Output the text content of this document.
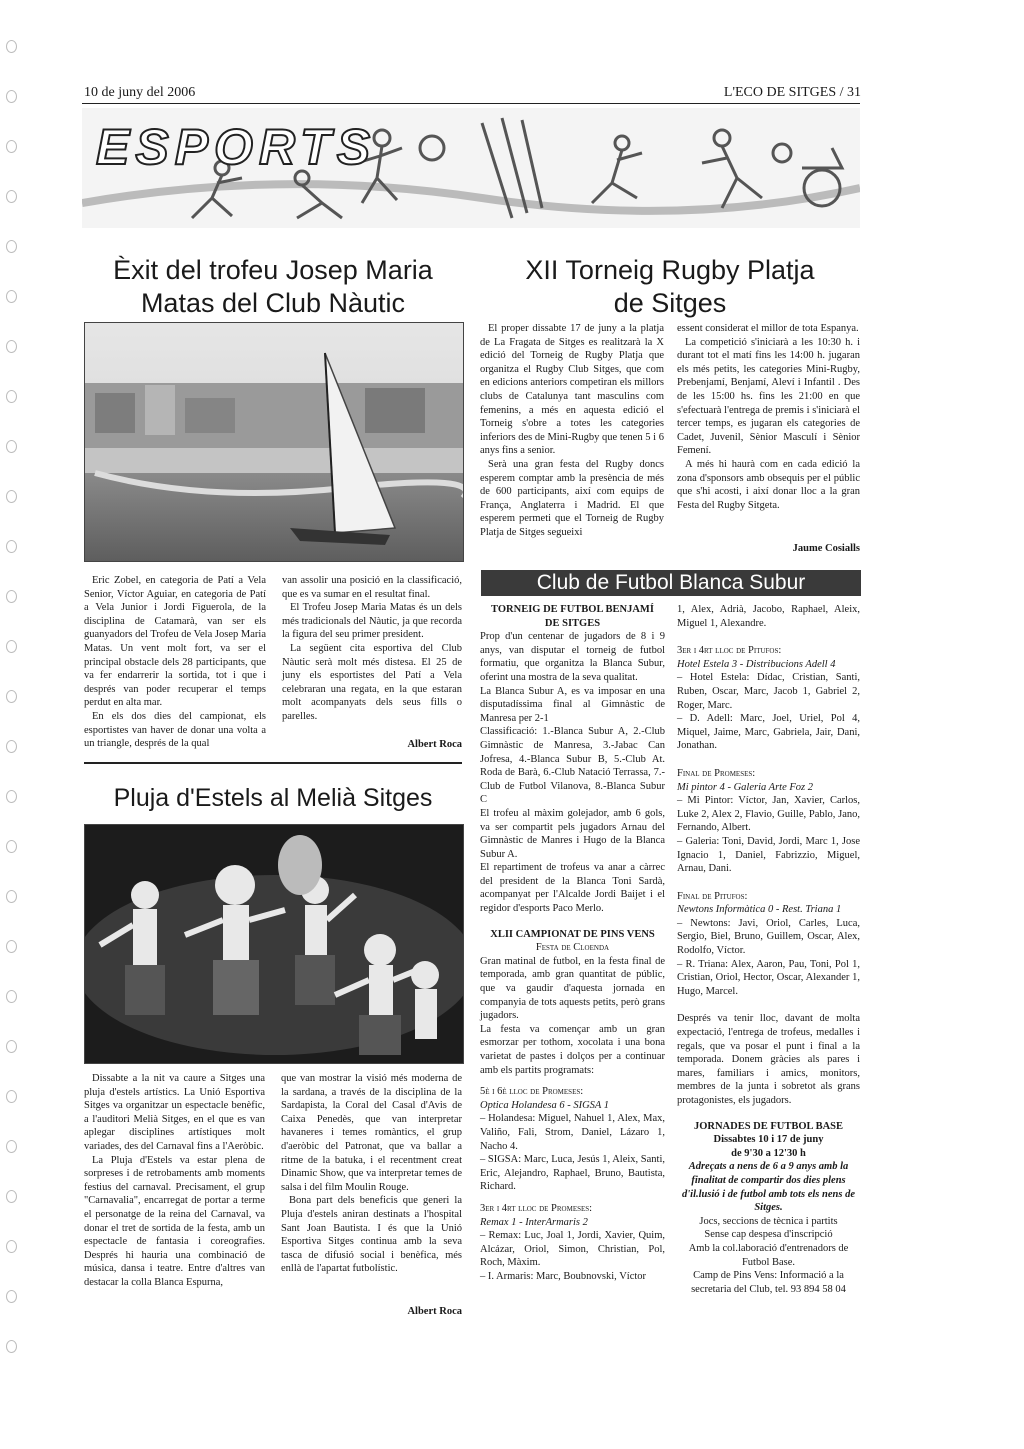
10 de juny del 2006	L'ECO DE SITGES / 31
ESPORTS
Èxit del trofeu Josep Maria
Matas del Club Nàutic

Eric Zobel, en categoria de Patí a Vela Senior, Víctor Aguiar, en categoria de Patí a Vela Junior i Jordi Figuerola, de la disciplina de Catamarà, van ser els guanyadors del Trofeu de Vela Josep Maria Matas. Un vent molt fort, va ser el principal obstacle dels 28 participants, que va fer endarrerir la sortida, tot i que i després van poder recuperar el temps perdut en alta mar.

En els dos dies del campionat, els esportistes van haver de donar una volta a un triangle, després de la qual

van assolir una posició en la classificació, que es va sumar en el resultat final.

El Trofeu Josep Maria Matas és un dels més tradicionals del Nàutic, ja que recorda la figura del seu primer president.

La següent cita esportiva del Club Nàutic serà molt més distesa. El 25 de juny els esportistes del Patí a Vela celebraran una regata, en la que estaran molt acompanyats dels seus fills o parelles.

Albert Roca
XII Torneig Rugby Platja
de Sitges

El proper dissabte 17 de juny a la platja de La Fragata de Sitges es realitzarà la X edició del Torneig de Rugby Platja que organitza el Rugby Club Sitges, que com en edicions anteriors competiran els millors clubs de Catalunya tant masculins com femenins, a més en aquesta edició el Torneig s'obre a totes les categories inferiors des de Mini-Rugby que tenen 5 i 6 anys fins a senior.

Serà una gran festa del Rugby doncs esperem comptar amb la presència de més de 600 participants, així com equips de França, Anglaterra i Madrid. El que esperem permeti que el Torneig de Rugby Platja de Sitges segueixi

essent considerat el millor de tota Espanya.

La competició s'iniciarà a les 10:30 h. i durant tot el matí fins les 14:00 h. jugaran els més petits, les categories Mini-Rugby, Prebenjamí, Benjamí, Aleví i Infantil . Des de les 15:00 hs. fins les 21:00 en que s'efectuarà l'entrega de premis i s'iniciarà el tercer temps, es jugaran els categories de Cadet, Juvenil, Sènior Masculí i Sènior Femení.

A més hi haurà com en cada edició la zona d'sponsors amb obsequis per el públic que s'hi acosti, i així donar lloc a la gran Festa del Rugby Sitgeta.

Jaume Cosialls
Pluja d'Estels al Melià Sitges

Dissabte a la nit va caure a Sitges una pluja d'estels artístics. La Unió Esportiva Sitges va organitzar un espectacle benèfic, a l'auditori Melià Sitges, en el que es van aplegar disciplines artístiques molt variades, des del Carnaval fins a l'Aeròbic.

La Pluja d'Estels va estar plena de sorpreses i de retrobaments amb moments festius del carnaval. Precisament, el grup "Carnavalia", encarregat de portar a terme el personatge de la reina del Carnaval, va donar el tret de sortida de la festa, amb un espectacle de fantasia i coreografies. Després hi hauria una combinació de música, dansa i teatre. Entre d'altres van destacar la colla Blanca Espurna,

que van mostrar la visió més moderna de la sardana, a través de la disciplina de la Sardapista, la Coral del Casal d'Avis de Caixa Penedès, que van interpretar havaneres i temes romàntics, el grup d'aeròbic del Patronat, que va ballar a ritme de la batuka, i el recentment creat Dinamic Show, que va interpretar temes de salsa i del film Moulin Rouge.

Bona part dels beneficis que generi la Pluja d'estels aniran destinats a l'hospital Sant Joan Bautista. I és que la Unió Esportiva Sitges continua amb la seva tasca de difusió social i benèfica, més enllà de l'apartat futbolístic.

Albert Roca
Club de Futbol Blanca Subur
TORNEIG DE FUTBOL BENJAMÍ
DE SITGES

Prop d'un centenar de jugadors de 8 i 9 anys, van disputar el torneig de futbol formatiu, que organitza la Blanca Subur, oferint una mostra de la seva qualitat.

La Blanca Subur A, es va imposar en una disputadíssima final al Gimnàstic de Manresa per 2-1

Classificació: 1.-Blanca Subur A, 2.-Club Gimnàstic de Manresa, 3.-Jabac Can Jofresa, 4.-Blanca Subur B, 5.-Club At. Roda de Barà, 6.-Club Natació Terrassa, 7.-Club de Futbol Vilanova, 8.-Blanca Subur C

El trofeu al màxim golejador, amb 6 gols, va ser compartit pels jugadors Arnau del Gimnàstic de Manres i Hugo de la Blanca Subur A.

El repartiment de trofeus va anar a càrrec del president de la Blanca Toni Sardà, acompanyat per l'Alcalde Jordi Baijet i el regidor d'esports Paco Merlo.

XLII CAMPIONAT DE PINS VENS
Festa de Cloenda

Gran matinal de futbol, en la festa final de temporada, amb gran quantitat de públic, que va gaudir d'aquesta jornada en companyia de tots aquests petits, però grans jugadors.

La festa va començar amb un gran esmorzar per tothom, xocolata i una bona varietat de pastes i dolços per a continuar amb els partits programats:

5è i 6è lloc de Promeses:

Optica Holandesa 6 - SIGSA 1

– Holandesa: Miguel, Nahuel 1, Alex, Max, Valiño, Fali, Strom, Daniel, Lázaro 1, Nacho 4.

– SIGSA: Marc, Luca, Jesús 1, Aleix, Santi, Eric, Alejandro, Raphael, Bruno, Bautista, Richard.

3er i 4rt lloc de Promeses:

Remax 1 - InterArmaris 2

– Remax: Luc, Joal 1, Jordi, Xavier, Quim, Alcázar, Oriol, Simon, Christian, Pol, Roch, Màxim.

– I. Armaris: Marc, Boubnovski, Víctor

1, Alex, Adrià, Jacobo, Raphael, Aleix, Miguel 1, Alexandre.

3er i 4rt lloc de Pitufos:

Hotel Estela 3 - Distribucions Adell 4

– Hotel Estela: Dídac, Cristian, Santi, Ruben, Oscar, Marc, Jacob 1, Gabriel 2, Roger, Marc.

– D. Adell: Marc, Joel, Uriel, Pol 4, Miquel, Jaime, Marc, Gabriela, Jair, Dani, Jonathan.

Final de Promeses:

Mi pintor 4 - Galeria Arte Foz 2

– Mi Pintor: Víctor, Jan, Xavier, Carlos, Luke 2, Alex 2, Flavio, Guille, Pablo, Jano, Fernando, Albert.

– Galeria: Toni, David, Jordi, Marc 1, Jose Ignacio 1, Daniel, Fabrizzio, Miguel, Arnau, Dani.

Final de Pitufos:

Newtons Informàtica 0 - Rest. Triana 1

– Newtons: Javi, Oriol, Carles, Luca, Sergio, Biel, Bruno, Guillem, Oscar, Alex, Rodolfo, Víctor.

– R. Triana: Alex, Aaron, Pau, Toni, Pol 1, Cristian, Oriol, Hector, Oscar, Alexander 1, Hugo, Marcel.

Després va tenir lloc, davant de molta expectació, l'entrega de trofeus, medalles i regals, que va posar el punt i final a la temporada. Donem gràcies als pares i mares, familiars i amics, monitors, membres de la junta i sobretot als grans protagonistes, els jugadors.

JORNADES DE FUTBOL BASE
Dissabtes 10 i 17 de juny
de 9'30 a 12'30 h
Adreçats a nens de 6 a 9 anys amb la finalitat de compartir dos dies plens d'il.lusió i de futbol amb tots els nens de Sitges.
Jocs, seccions de tècnica i partits
Sense cap despesa d'inscripció
Amb la col.laboració d'entrenadors de Futbol Base.
Camp de Pins Vens: Informació a la secretaria del Club, tel. 93 894 58 04
